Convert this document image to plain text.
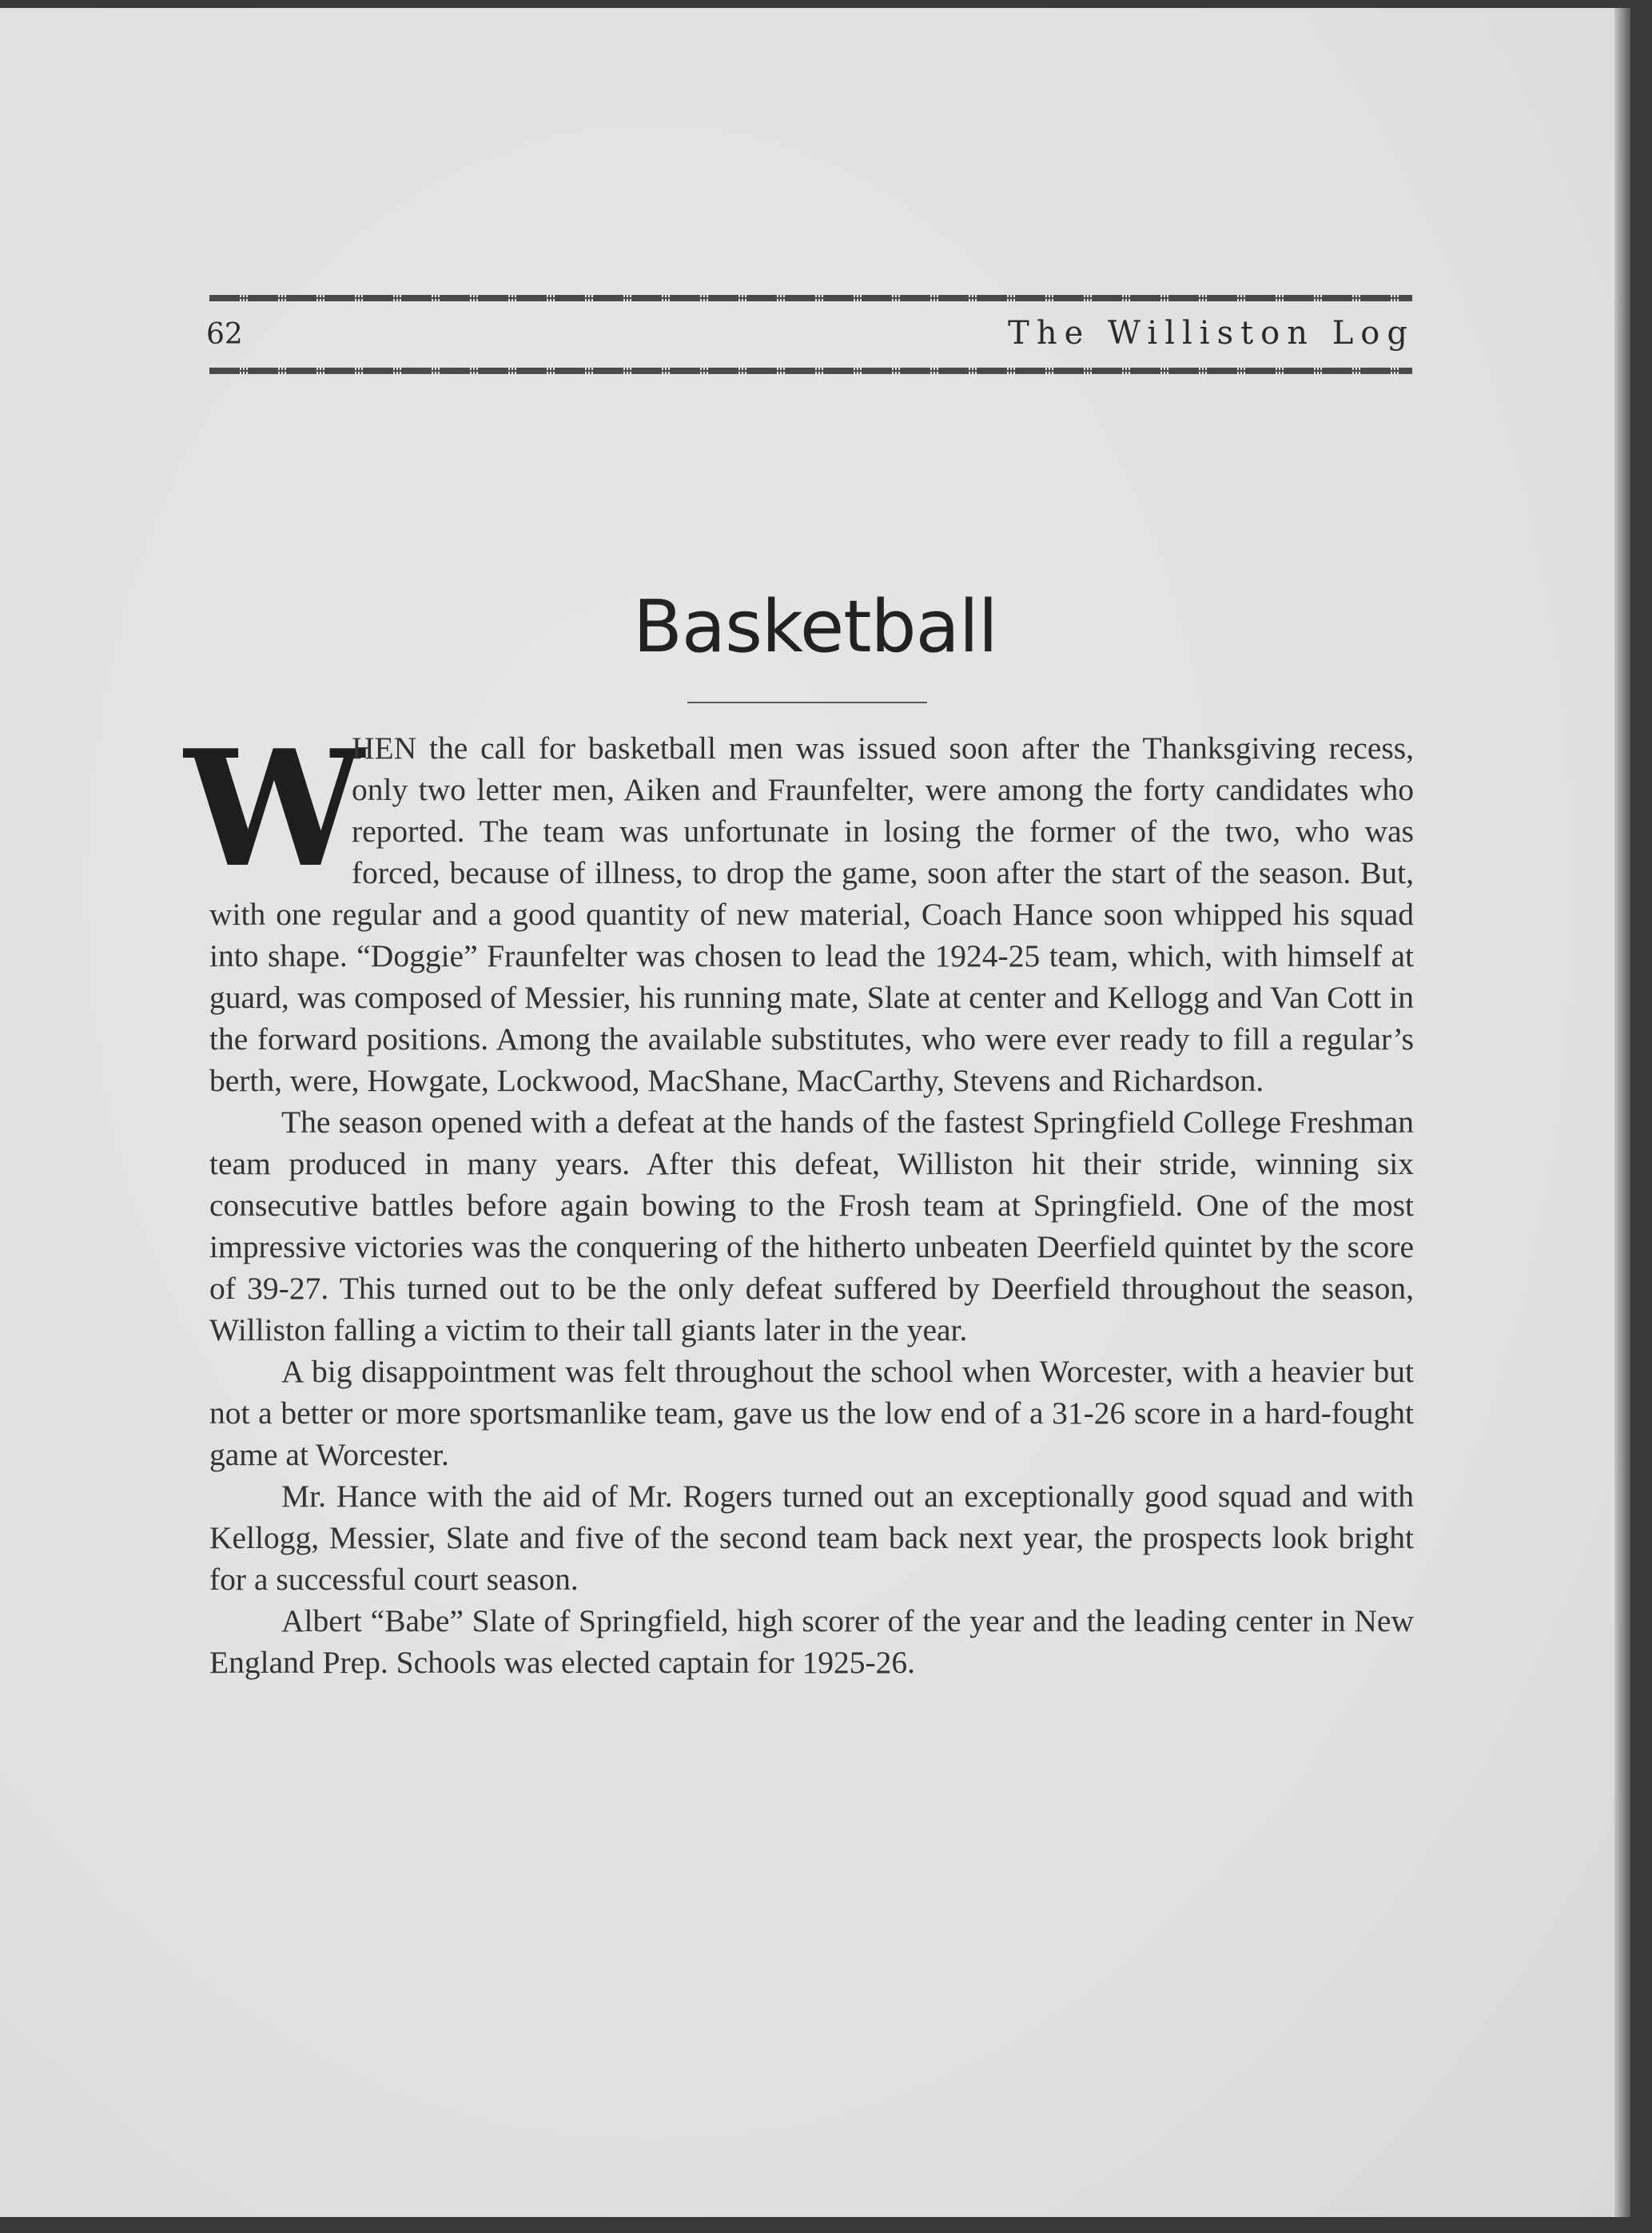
62	The Williston Log
Basketball

W
HEN the call for basketball men was issued soon after the Thanksgiving recess, only two letter men, Aiken and Fraunfelter, were among the forty candidates who reported. The team was unfortunate in losing the former of the two, who was forced, because of illness, to drop the game, soon after the start of the season. But, with one regular and a good quantity of new material, Coach Hance soon whipped his squad into shape. “Doggie” Fraunfelter was chosen to lead the 1924-25 team, which, with himself at guard, was composed of Messier, his running mate, Slate at center and Kellogg and Van Cott in the forward positions. Among the available substitutes, who were ever ready to fill a regular’s berth, were, Howgate, Lockwood, MacShane, MacCarthy, Stevens and Richardson.

The season opened with a defeat at the hands of the fastest Springfield College Freshman team produced in many years. After this defeat, Williston hit their stride, winning six consecutive battles before again bowing to the Frosh team at Springfield. One of the most impressive victories was the conquering of the hitherto unbeaten Deerfield quintet by the score of 39-27. This turned out to be the only defeat suffered by Deerfield throughout the season, Williston falling a victim to their tall giants later in the year.

A big disappointment was felt throughout the school when Worcester, with a heavier but not a better or more sportsmanlike team, gave us the low end of a 31-26 score in a hard-fought game at Worcester.

Mr. Hance with the aid of Mr. Rogers turned out an exceptionally good squad and with Kellogg, Messier, Slate and five of the second team back next year, the prospects look bright for a successful court season.

Albert “Babe” Slate of Springfield, high scorer of the year and the leading center in New England Prep. Schools was elected captain for 1925-26.
